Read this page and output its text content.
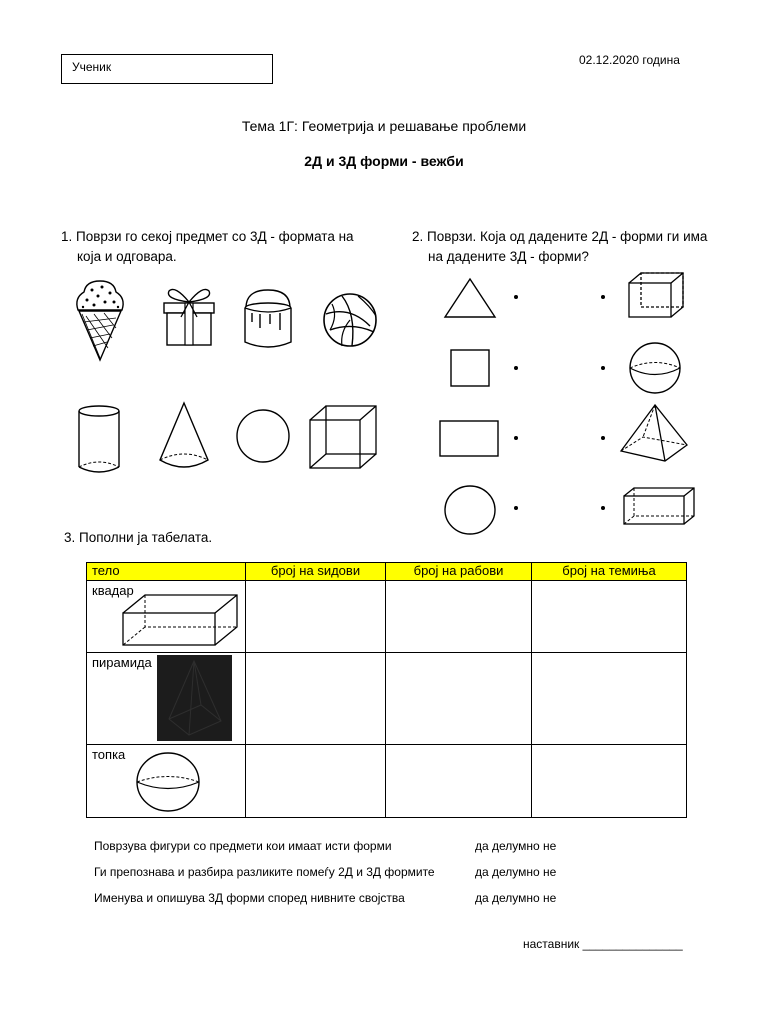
Ученик	02.12.2020 година
Тема 1Г: Геометрија и решавање проблеми
2Д и 3Д форми - вежби
1. Поврзи го секој предмет со 3Д - формата на
која и одговара.
2. Поврзи. Која од дадените 2Д - форми ги има
на дадените 3Д - форми?
3. Пополни ја табелата.
тело	број на ѕидови	број на рабови	број на темиња
квадар

пирамида

топка

Поврзува фигури со предмети кои имаат исти форми	да делумно не
Ги препознава и разбира разликите помеѓу 2Д и 3Д формите	да делумно не
Именува и опишува 3Д форми според нивните својства	да делумно не
наставник _______________
